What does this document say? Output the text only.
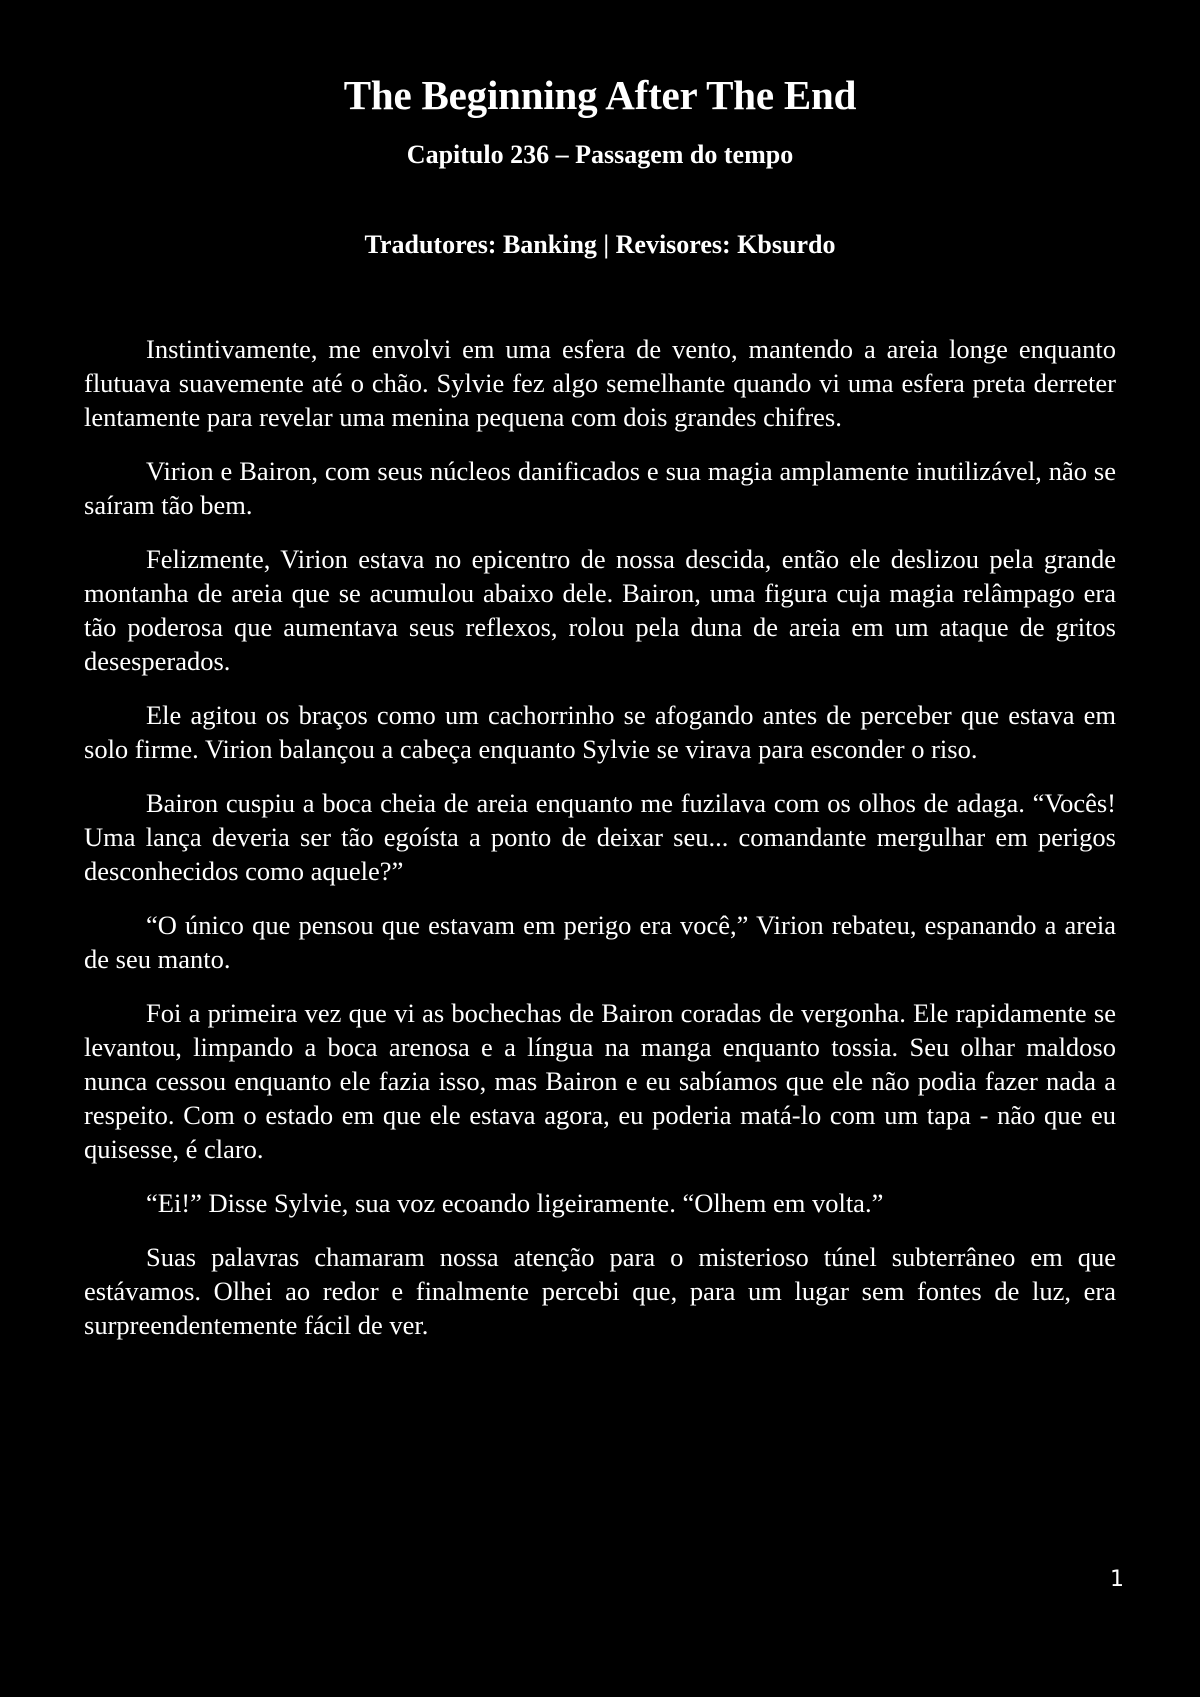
The Beginning After The End
Capitulo 236 – Passagem do tempo
Tradutores: Banking | Revisores: Kbsurdo

Instintivamente, me envolvi em uma esfera de vento, mantendo a areia longe enquanto flutuava suavemente até o chão. Sylvie fez algo semelhante quando vi uma esfera preta derreter lentamente para revelar uma menina pequena com dois grandes chifres.

Virion e Bairon, com seus núcleos danificados e sua magia amplamente inutilizável, não se saíram tão bem.

Felizmente, Virion estava no epicentro de nossa descida, então ele deslizou pela grande montanha de areia que se acumulou abaixo dele. Bairon, uma figura cuja magia relâmpago era tão poderosa que aumentava seus reflexos, rolou pela duna de areia em um ataque de gritos desesperados.

Ele agitou os braços como um cachorrinho se afogando antes de perceber que estava em solo firme. Virion balançou a cabeça enquanto Sylvie se virava para esconder o riso.

Bairon cuspiu a boca cheia de areia enquanto me fuzilava com os olhos de adaga. “Vocês! Uma lança deveria ser tão egoísta a ponto de deixar seu... comandante mergulhar em perigos desconhecidos como aquele?”

“O único que pensou que estavam em perigo era você,” Virion rebateu, espanando a areia de seu manto.

Foi a primeira vez que vi as bochechas de Bairon coradas de vergonha. Ele rapidamente se levantou, limpando a boca arenosa e a língua na manga enquanto tossia. Seu olhar maldoso nunca cessou enquanto ele fazia isso, mas Bairon e eu sabíamos que ele não podia fazer nada a respeito. Com o estado em que ele estava agora, eu poderia matá-lo com um tapa - não que eu quisesse, é claro.

“Ei!” Disse Sylvie, sua voz ecoando ligeiramente. “Olhem em volta.”

Suas palavras chamaram nossa atenção para o misterioso túnel subterrâneo em que estávamos. Olhei ao redor e finalmente percebi que, para um lugar sem fontes de luz, era surpreendentemente fácil de ver.

1
